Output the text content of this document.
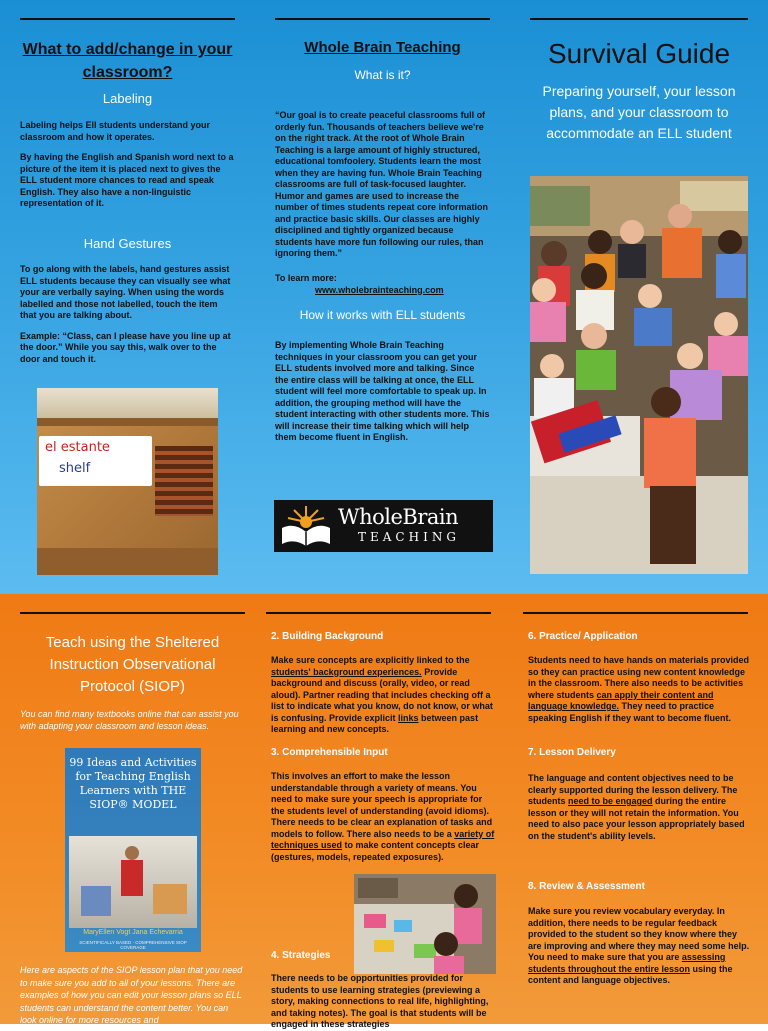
What to add/change in your classroom?
Labeling

Labeling helps Ell students understand your classroom and how it operates.

By having the English and Spanish word next to a picture of the item it is placed next to gives the ELL student more chances to read and speak English. They also have a non-linguistic representation of it.

Hand Gestures

To go along with the labels, hand gestures assist ELL students because they can visually see what your are verbally saying. When using the words labelled and those not labelled, touch the item that you are talking about.

Example: “Class, can I please have you line up at the door.” While you say this, walk over to the door and touch it.

el estante
shelf
Whole Brain Teaching
What is it?

“Our goal is to create peaceful classrooms full of orderly fun. Thousands of teachers believe we're on the right track. At the root of Whole Brain Teaching is a large amount of highly structured, educational tomfoolery. Students learn the most when they are having fun. Whole Brain Teaching classrooms are full of task-focused laughter. Humor and games are used to increase the number of times students repeat core information and practice basic skills. Our classes are highly disciplined and tightly organized because students have more fun following our rules, than ignoring them.”

To learn more:
www.wholebrainteaching.com
How it works with ELL students

By implementing Whole Brain Teaching techniques in your classroom you can get your ELL students involved more and talking. Since the entire class will be talking at once, the ELL student will feel more comfortable to speak up. In addition, the grouping method will have the student interacting with other students more. This will increase their time talking which will help them become fluent in English.

WholeBrain
TEACHING
Survival Guide
Preparing yourself, your lesson plans, and your classroom to accommodate an ELL student
Teach using the Sheltered Instruction Observational Protocol (SIOP)
You can find many textbooks online that can assist you with adapting your classroom and lesson ideas.
99 Ideas and Activities for Teaching English Learners with THE SIOP® MODEL
MaryEllen Vogt Jana Echevarria
SCIENTIFICALLY BASED · COMPREHENSIVE SIOP COVERAGE
Here are aspects of the SIOP lesson plan that you need to make sure you add to all of your lessons. There are examples of how you can edit your lesson plans so ELL students can understand the content better. You can look online for more resources and
2. Building Background
Make sure concepts are explicitly linked to the students' background experiences. Provide background and discuss (orally, video, or read aloud). Partner reading that includes checking off a list to indicate what you know, do not know, or what is confusing. Provide explicit links between past learning and new concepts.
3. Comprehensible Input
This involves an effort to make the lesson understandable through a variety of means. You need to make sure your speech is appropriate for the students level of understanding (avoid idioms). There needs to be clear an explanation of tasks and models to follow. There also needs to be a variety of techniques used to make content concepts clear (gestures, models, repeated exposures).
4. Strategies
There needs to be opportunities provided for students to use learning strategies (previewing a story, making connections to real life, highlighting, and taking notes). The goal is that students will be engaged in these strategies
6. Practice/ Application
Students need to have hands on materials provided so they can practice using new content knowledge in the classroom. There also needs to be activities where students can apply their content and language knowledge. They need to practice speaking English if they want to become fluent.
7. Lesson Delivery
The language and content objectives need to be clearly supported during the lesson delivery. The students need to be engaged during the entire lesson or they will not retain the information. You need to also pace your lesson appropriately based on the student's ability levels.
8. Review & Assessment
Make sure you review vocabulary everyday. In addition, there needs to be regular feedback provided to the student so they know where they are improving and where they may need some help. You need to make sure that you are assessing students throughout the entire lesson using the content and language objectives.
